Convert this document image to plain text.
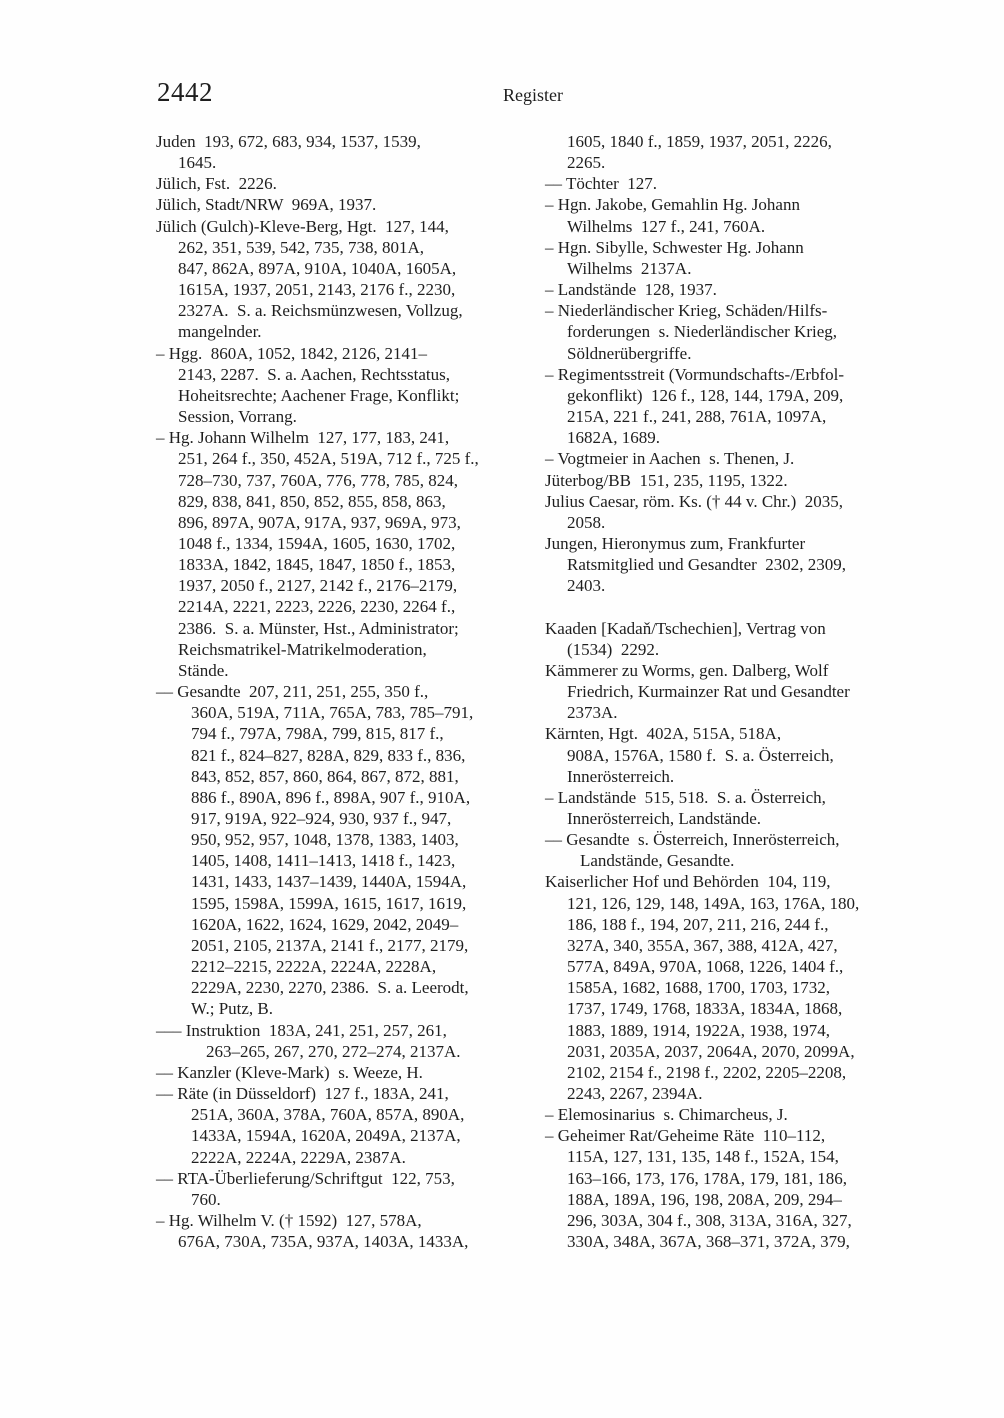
2442	Register
Juden  193, 672, 683, 934, 1537, 1539,
1645.
Jülich, Fst.  2226.
Jülich, Stadt/NRW  969A, 1937.
Jülich (Gulch)-Kleve-Berg, Hgt.  127, 144,
262, 351, 539, 542, 735, 738, 801A,
847, 862A, 897A, 910A, 1040A, 1605A,
1615A, 1937, 2051, 2143, 2176 f., 2230,
2327A.  S. a. Reichsmünzwesen, Vollzug,
mangelnder.
– Hgg.  860A, 1052, 1842, 2126, 2141–
2143, 2287.  S. a. Aachen, Rechtsstatus,
Hoheitsrechte; Aachener Frage, Konflikt;
Session, Vorrang.
– Hg. Johann Wilhelm  127, 177, 183, 241,
251, 264 f., 350, 452A, 519A, 712 f., 725 f.,
728–730, 737, 760A, 776, 778, 785, 824,
829, 838, 841, 850, 852, 855, 858, 863,
896, 897A, 907A, 917A, 937, 969A, 973,
1048 f., 1334, 1594A, 1605, 1630, 1702,
1833A, 1842, 1845, 1847, 1850 f., 1853,
1937, 2050 f., 2127, 2142 f., 2176–2179,
2214A, 2221, 2223, 2226, 2230, 2264 f.,
2386.  S. a. Münster, Hst., Administrator;
Reichsmatrikel-Matrikelmoderation,
Stände.
–– Gesandte  207, 211, 251, 255, 350 f.,
360A, 519A, 711A, 765A, 783, 785–791,
794 f., 797A, 798A, 799, 815, 817 f.,
821 f., 824–827, 828A, 829, 833 f., 836,
843, 852, 857, 860, 864, 867, 872, 881,
886 f., 890A, 896 f., 898A, 907 f., 910A,
917, 919A, 922–924, 930, 937 f., 947,
950, 952, 957, 1048, 1378, 1383, 1403,
1405, 1408, 1411–1413, 1418 f., 1423,
1431, 1433, 1437–1439, 1440A, 1594A,
1595, 1598A, 1599A, 1615, 1617, 1619,
1620A, 1622, 1624, 1629, 2042, 2049–
2051, 2105, 2137A, 2141 f., 2177, 2179,
2212–2215, 2222A, 2224A, 2228A,
2229A, 2230, 2270, 2386.  S. a. Leerodt,
W.; Putz, B.
––– Instruktion  183A, 241, 251, 257, 261,
263–265, 267, 270, 272–274, 2137A.
–– Kanzler (Kleve-Mark)  s. Weeze, H.
–– Räte (in Düsseldorf)  127 f., 183A, 241,
251A, 360A, 378A, 760A, 857A, 890A,
1433A, 1594A, 1620A, 2049A, 2137A,
2222A, 2224A, 2229A, 2387A.
–– RTA-Überlieferung/Schriftgut  122, 753,
760.
– Hg. Wilhelm V. († 1592)  127, 578A,
676A, 730A, 735A, 937A, 1403A, 1433A,
1605, 1840 f., 1859, 1937, 2051, 2226,
2265.
–– Töchter  127.
– Hgn. Jakobe, Gemahlin Hg. Johann
Wilhelms  127 f., 241, 760A.
– Hgn. Sibylle, Schwester Hg. Johann
Wilhelms  2137A.
– Landstände  128, 1937.
– Niederländischer Krieg, Schäden/Hilfs-
forderungen  s. Niederländischer Krieg,
Söldnerübergriffe.
– Regimentsstreit (Vormundschafts-/Erbfol-
gekonflikt)  126 f., 128, 144, 179A, 209,
215A, 221 f., 241, 288, 761A, 1097A,
1682A, 1689.
– Vogtmeier in Aachen  s. Thenen, J.
Jüterbog/BB  151, 235, 1195, 1322.
Julius Caesar, röm. Ks. († 44 v. Chr.)  2035,
2058.
Jungen, Hieronymus zum, Frankfurter
Ratsmitglied und Gesandter  2302, 2309,
2403.
Kaaden [Kadaň/Tschechien], Vertrag von
(1534)  2292.
Kämmerer zu Worms, gen. Dalberg, Wolf
Friedrich, Kurmainzer Rat und Gesandter
2373A.
Kärnten, Hgt.  402A, 515A, 518A,
908A, 1576A, 1580 f.  S. a. Österreich,
Innerösterreich.
– Landstände  515, 518.  S. a. Österreich,
Innerösterreich, Landstände.
–– Gesandte  s. Österreich, Innerösterreich,
Landstände, Gesandte.
Kaiserlicher Hof und Behörden  104, 119,
121, 126, 129, 148, 149A, 163, 176A, 180,
186, 188 f., 194, 207, 211, 216, 244 f.,
327A, 340, 355A, 367, 388, 412A, 427,
577A, 849A, 970A, 1068, 1226, 1404 f.,
1585A, 1682, 1688, 1700, 1703, 1732,
1737, 1749, 1768, 1833A, 1834A, 1868,
1883, 1889, 1914, 1922A, 1938, 1974,
2031, 2035A, 2037, 2064A, 2070, 2099A,
2102, 2154 f., 2198 f., 2202, 2205–2208,
2243, 2267, 2394A.
– Elemosinarius  s. Chimarcheus, J.
– Geheimer Rat/Geheime Räte  110–112,
115A, 127, 131, 135, 148 f., 152A, 154,
163–166, 173, 176, 178A, 179, 181, 186,
188A, 189A, 196, 198, 208A, 209, 294–
296, 303A, 304 f., 308, 313A, 316A, 327,
330A, 348A, 367A, 368–371, 372A, 379,
